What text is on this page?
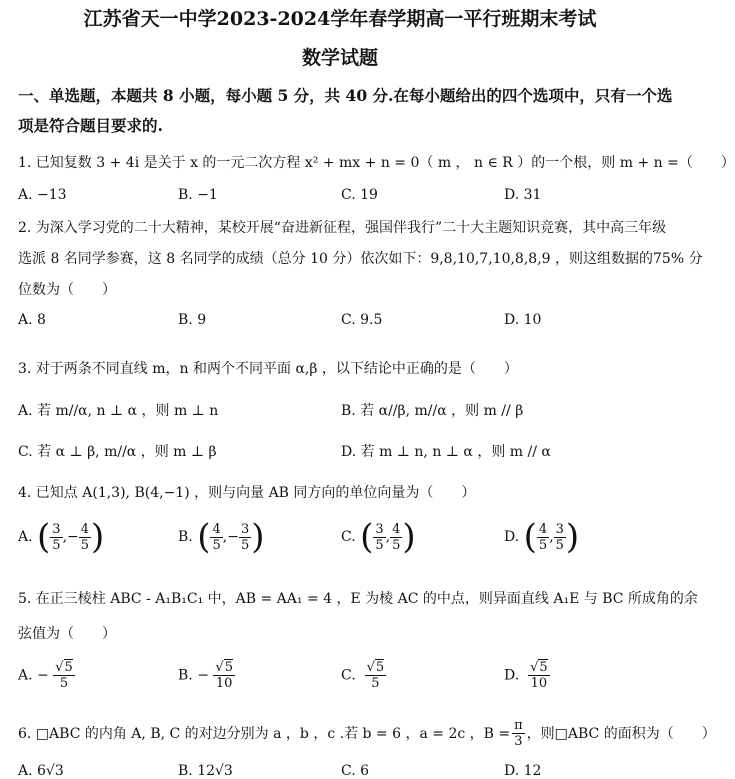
江苏省天一中学2023-2024学年春学期高一平行班期末考试
数学试题
一、单选题，本题共 8 小题，每小题 5 分，共 40 分.在每小题给出的四个选项中，只有一个选
项是符合题目要求的.
1. 已知复数 3 + 4i 是关于 x 的一元二次方程 x² + mx + n = 0（ m ， n ∈ R ）的一个根，则 m + n =（　　）
A. −13	B. −1	C. 19	D. 31
2. 为深入学习党的二十大精神，某校开展“奋进新征程，强国伴我行”二十大主题知识竞赛，其中高三年级
选派 8 名同学参赛，这 8 名同学的成绩（总分 10 分）依次如下：9,8,10,7,10,8,8,9 ，则这组数据的75% 分
位数为（　　）
A. 8	B. 9	C. 9.5	D. 10
3. 对于两条不同直线 m，n 和两个不同平面 α,β ，以下结论中正确的是（　　）
A. 若 m//α, n ⊥ α ，则 m ⊥ n	B. 若 α//β, m//α ，则 m // β
C. 若 α ⊥ β, m//α ，则 m ⊥ β	D. 若 m ⊥ n, n ⊥ α ，则 m // α
4. 已知点 A(1,3), B(4,−1) ，则与向量 AB 同方向的单位向量为（　　）
A.
( $\frac{3}{5}$ ,− $\frac{4}{5}$ )	B.
( $\frac{4}{5}$ ,− $\frac{3}{5}$ )	C.
( $\frac{3}{5}$ , $\frac{4}{5}$ )	D.
( $\frac{4}{5}$ , $\frac{3}{5}$ )
5. 在正三棱柱 ABC - A₁B₁C₁ 中，AB = AA₁ = 4 ，E 为棱 AC 的中点，则异面直线 A₁E 与 BC 所成角的余
弦值为（　　）
A. − $\frac{√5}{5}$	B. − $\frac{√5}{10}$	C. $\frac{√5}{5}$	D. $\frac{√5}{10}$
6. □ABC 的内角 A, B, C 的对边分别为 a ，b ，c .若 b = 6 ，a = 2c ，$B = \frac{\pi}{3}$ ，则□ABC 的面积为（　　）
A. 6√3	B. 12√3	C. 6	D. 12
